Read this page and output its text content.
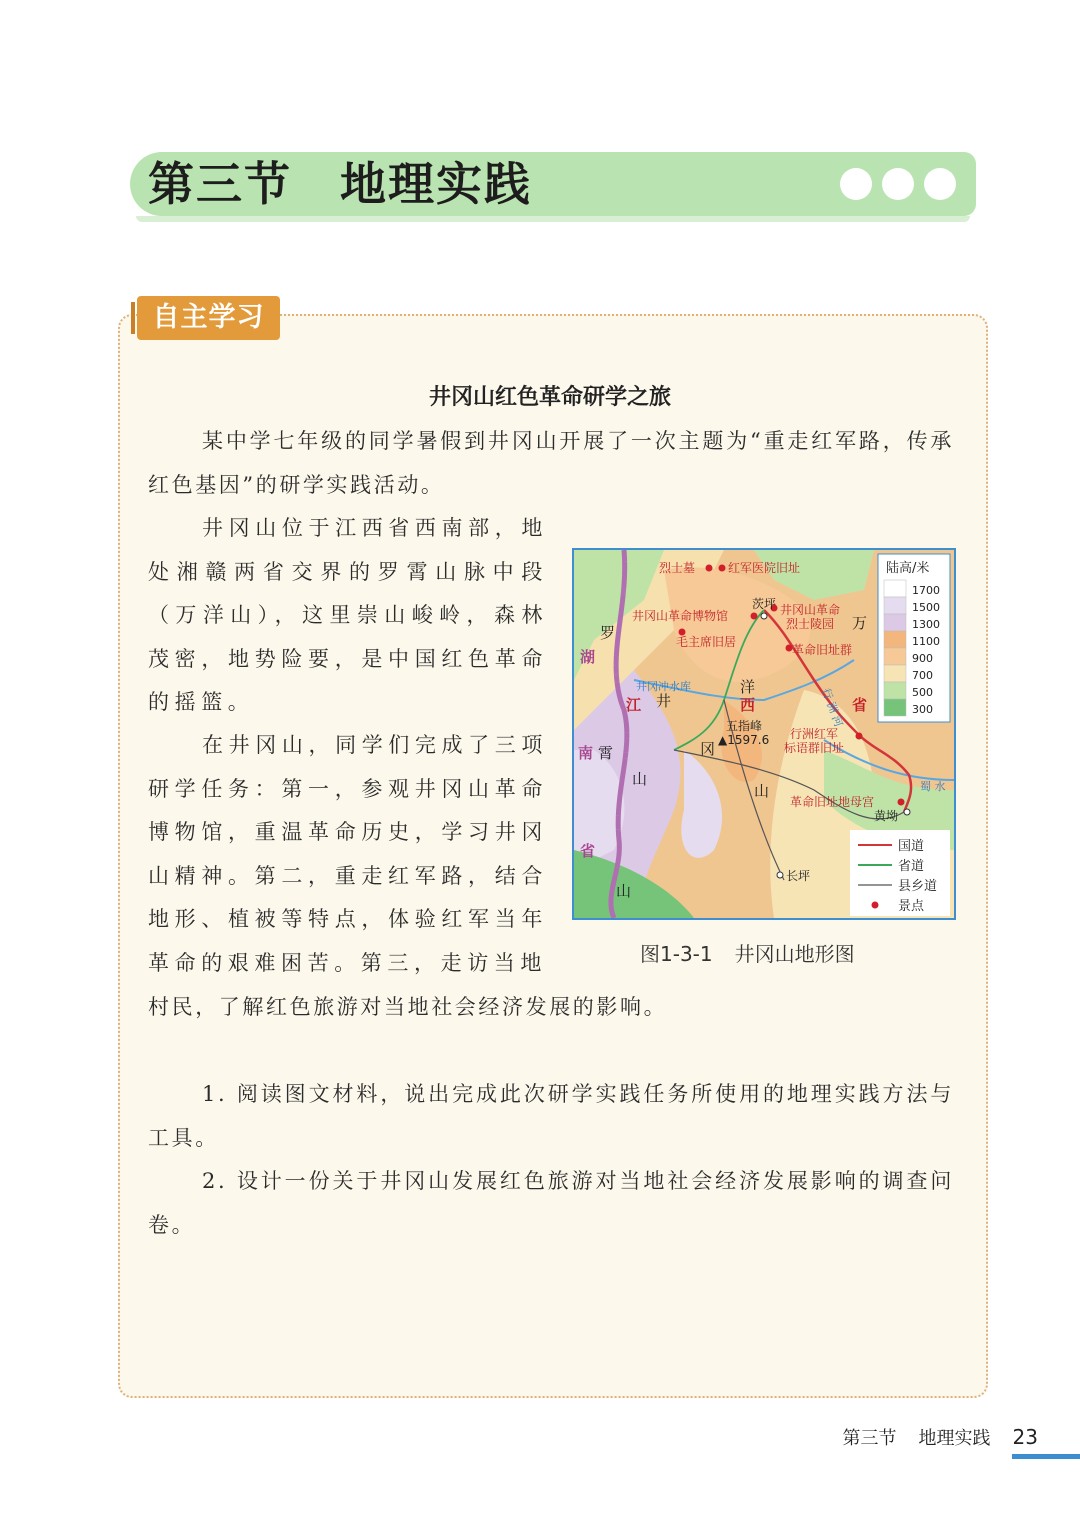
第三节　地理实践
自主学习
井冈山红色革命研学之旅

某中学七年级的同学暑假到井冈山开展了一次主题为“重走红军路，传承红色基因”的研学实践活动。

井冈山位于江西省西南部，地处湘赣两省交界的罗霄山脉中段（万洋山），这里崇山峻岭，森林茂密，地势险要，是中国红色革命的摇篮。

在井冈山，同学们完成了三项研学任务：第一，参观井冈山革命博物馆，重温革命历史，学习井冈山精神。第二，重走红军路，结合地形、植被等特点，体验红军当年革命的艰难困苦。第三，走访当地

村民，了解红色旅游对当地社会经济发展的影响。

1. 阅读图文材料，说出完成此次研学实践任务所使用的地理实践方法与工具。

2. 设计一份关于井冈山发展红色旅游对当地社会经济发展影响的调查问卷。

烈士墓	红军医院旧址
井冈山革命博物馆	井冈山革命
烈士陵园
毛主席旧居
革命旧址群
行洲红军
标语群旧址
革命旧址地母宫
茨坪
黄坳
长坪
五指峰
▲1597.6
井冈冲水库
蜀 水
行 洲 河
湖
南
省
江	西	省
罗
霄
山
山
万
洋
井
冈
山
陆高/米
1700
1500
1300
1100
900
700
500
300
国道
省道
县乡道
景点
图1-3-1 井冈山地形图
第三节 地理实践 23
